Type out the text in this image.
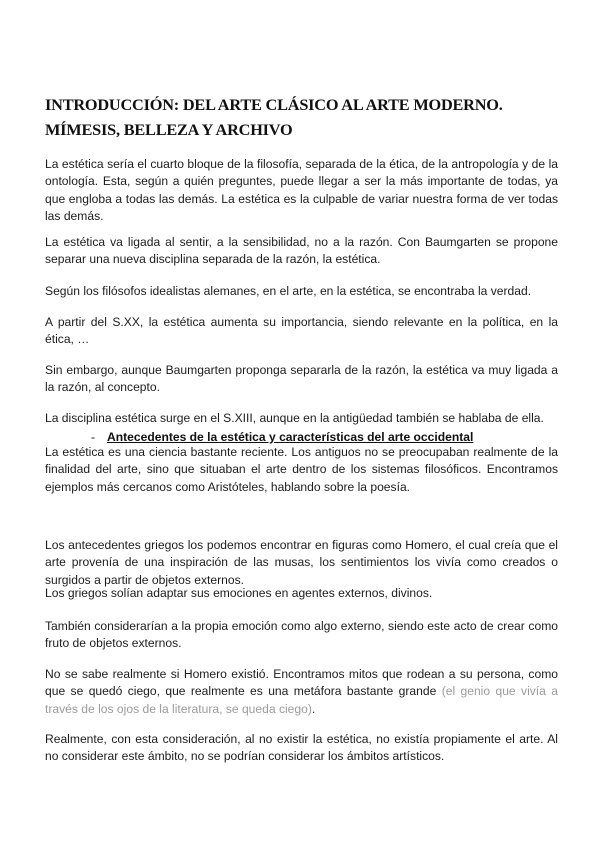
INTRODUCCIÓN: DEL ARTE CLÁSICO AL ARTE MODERNO. MÍMESIS, BELLEZA Y ARCHIVO

La estética sería el cuarto bloque de la filosofía, separada de la ética, de la antropología y de la ontología. Esta, según a quién preguntes, puede llegar a ser la más importante de todas, ya que engloba a todas las demás. La estética es la culpable de variar nuestra forma de ver todas las demás.

La estética va ligada al sentir, a la sensibilidad, no a la razón. Con Baumgarten se propone separar una nueva disciplina separada de la razón, la estética.

Según los filósofos idealistas alemanes, en el arte, en la estética, se encontraba la verdad.

A partir del S.XX, la estética aumenta su importancia, siendo relevante en la política, en la ética, …

Sin embargo, aunque Baumgarten proponga separarla de la razón, la estética va muy ligada a la razón, al concepto.

La disciplina estética surge en el S.XIII, aunque en la antigüedad también se hablaba de ella.

- Antecedentes de la estética y características del arte occidental

La estética es una ciencia bastante reciente. Los antiguos no se preocupaban realmente de la finalidad del arte, sino que situaban el arte dentro de los sistemas filosóficos. Encontramos ejemplos más cercanos como Aristóteles, hablando sobre la poesía.

Los antecedentes griegos los podemos encontrar en figuras como Homero, el cual creía que el arte provenía de una inspiración de las musas, los sentimientos los vivía como creados o surgidos a partir de objetos externos.

Los griegos solían adaptar sus emociones en agentes externos, divinos.

También considerarían a la propia emoción como algo externo, siendo este acto de crear como fruto de objetos externos.

No se sabe realmente si Homero existió. Encontramos mitos que rodean a su persona, como que se quedó ciego, que realmente es una metáfora bastante grande (el genio que vivía a través de los ojos de la literatura, se queda ciego).

Realmente, con esta consideración, al no existir la estética, no existía propiamente el arte. Al no considerar este ámbito, no se podrían considerar los ámbitos artísticos.
